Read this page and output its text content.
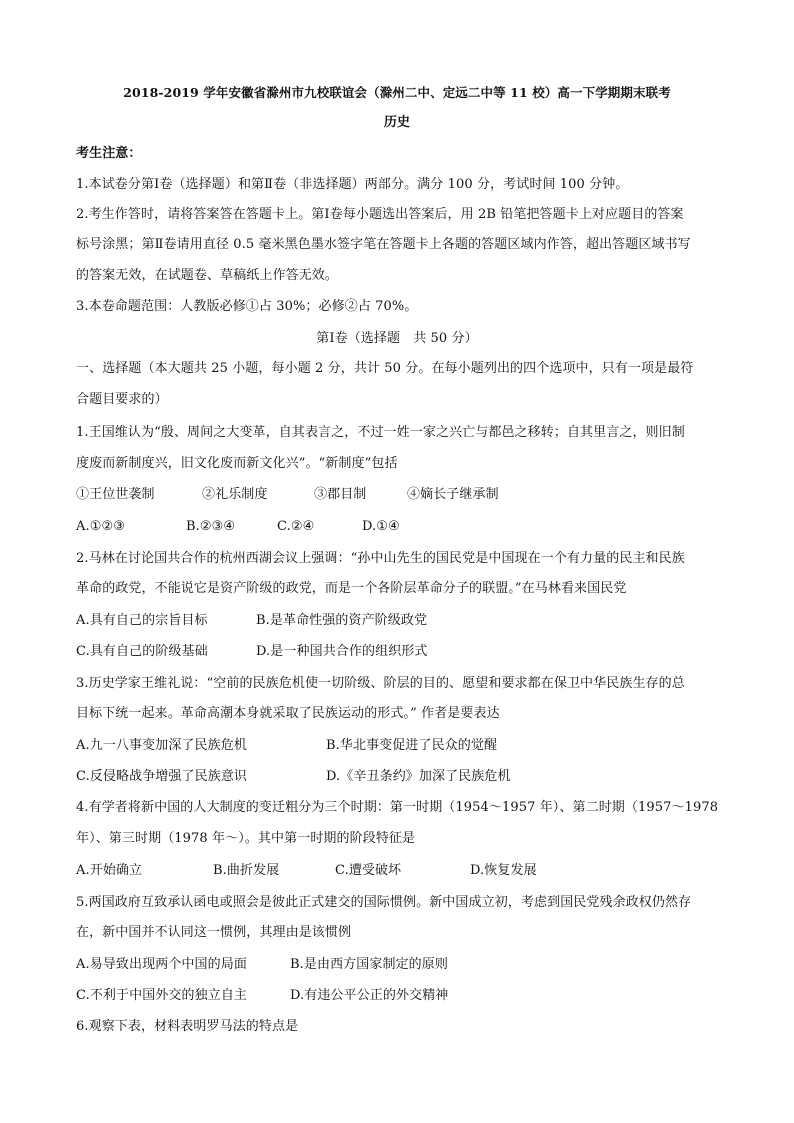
2018-2019 学年安徽省滁州市九校联谊会（滁州二中、定远二中等 11 校）高一下学期期末联考
历史
考生注意：
1.本试卷分第Ⅰ卷（选择题）和第Ⅱ卷（非选择题）两部分。满分 100 分，考试时间 100 分钟。
2.考生作答时，请将答案答在答题卡上。第Ⅰ卷每小题选出答案后，用 2B 铅笔把答题卡上对应题目的答案
标号涂黑；第Ⅱ卷请用直径 0.5 毫米黑色墨水签字笔在答题卡上各题的答题区域内作答，超出答题区域书写
的答案无效，在试题卷、草稿纸上作答无效。
3.本卷命题范围：人教版必修①占 30%；必修②占 70%。
第Ⅰ卷（选择题　共 50 分）
一、选择题（本大题共 25 小题，每小题 2 分，共计 50 分。在每小题列出的四个选项中，只有一项是最符
合题目要求的）
1.王国维认为“殷、周间之大变革，自其表言之，不过一姓一家之兴亡与都邑之移转；自其里言之，则旧制
度废而新制度兴，旧文化废而新文化兴”。“新制度”包括
①王位世袭制	②礼乐制度	③郡目制	④嫡长子继承制
A.①②③	B.②③④	C.②④	D.①④
2.马林在讨论国共合作的杭州西湖会议上强调：“孙中山先生的国民党是中国现在一个有力量的民主和民族
革命的政党，不能说它是资产阶级的政党，而是一个各阶层革命分子的联盟。”在马林看来国民党
A.具有自己的宗旨目标	B.是革命性强的资产阶级政党
C.具有自己的阶级基础	D.是一种国共合作的组织形式
3.历史学家王维礼说：“空前的民族危机使一切阶级、阶层的目的、愿望和要求都在保卫中华民族生存的总
目标下统一起来。革命高潮本身就采取了民族运动的形式。” 作者是要表达
A.九一八事变加深了民族危机	B.华北事变促进了民众的觉醒
C.反侵略战争增强了民族意识	D.《辛丑条约》加深了民族危机
4.有学者将新中国的人大制度的变迁粗分为三个时期：第一时期（1954～1957 年）、第二时期（1957～1978
年）、第三时期（1978 年～）。其中第一时期的阶段特征是
A.开始确立	B.曲折发展	C.遭受破坏	D.恢复发展
5.两国政府互致承认函电或照会是彼此正式建交的国际惯例。新中国成立初，考虑到国民党残余政权仍然存
在，新中国并不认同这一惯例，其理由是该惯例
A.易导致出现两个中国的局面	B.是由西方国家制定的原则
C.不利于中国外交的独立自主	D.有违公平公正的外交精神
6.观察下表，材料表明罗马法的特点是
